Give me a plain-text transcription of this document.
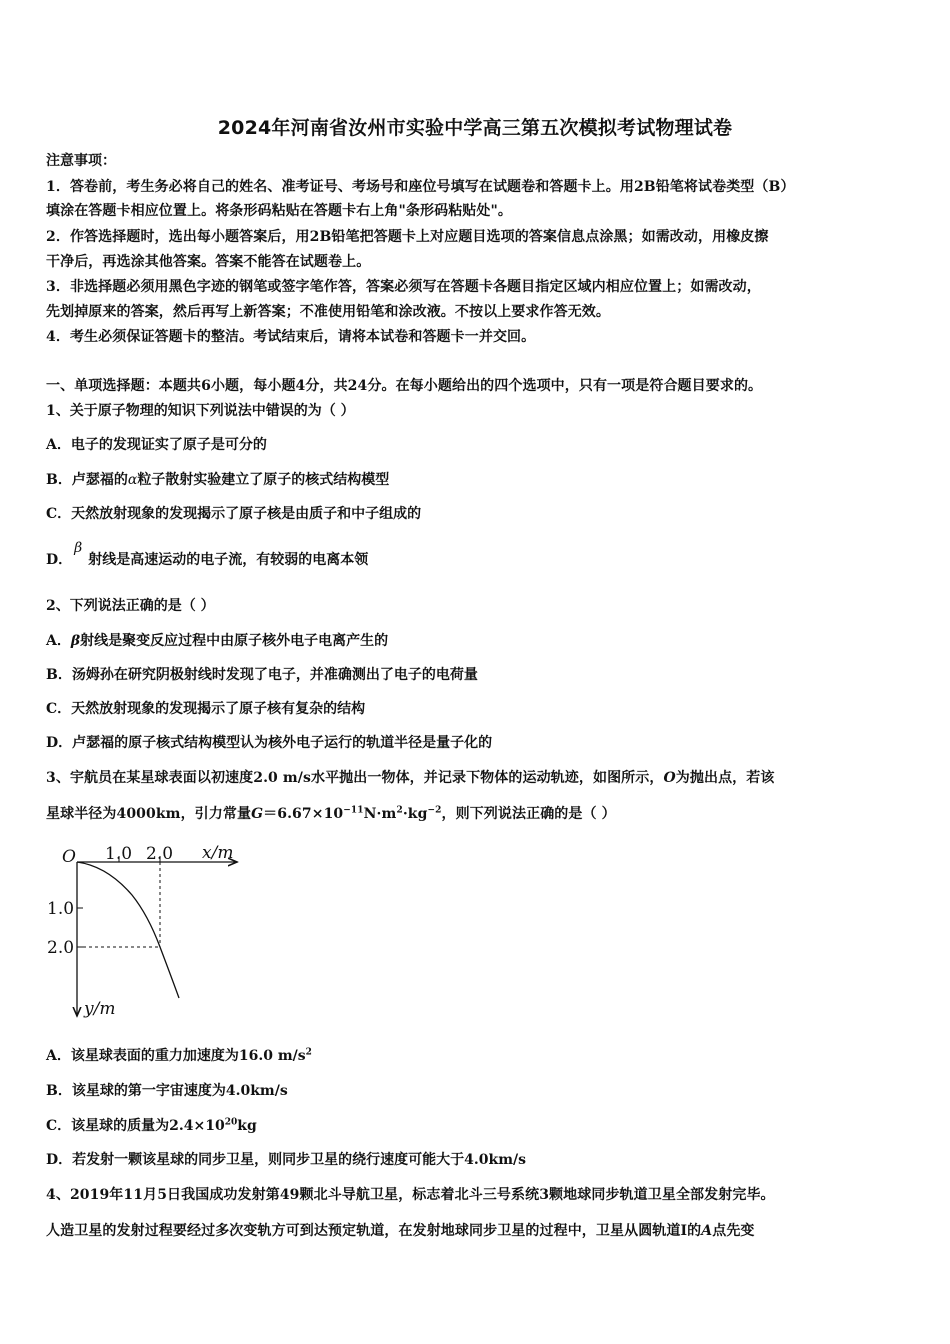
2024年河南省汝州市实验中学高三第五次模拟考试物理试卷
注意事项：
1．答卷前，考生务必将自己的姓名、准考证号、考场号和座位号填写在试题卷和答题卡上。用2B铅笔将试卷类型（B）
填涂在答题卡相应位置上。将条形码粘贴在答题卡右上角"条形码粘贴处"。
2．作答选择题时，选出每小题答案后，用2B铅笔把答题卡上对应题目选项的答案信息点涂黑；如需改动，用橡皮擦
干净后，再选涂其他答案。答案不能答在试题卷上。
3．非选择题必须用黑色字迹的钢笔或签字笔作答，答案必须写在答题卡各题目指定区域内相应位置上；如需改动，
先划掉原来的答案，然后再写上新答案；不准使用铅笔和涂改液。不按以上要求作答无效。
4．考生必须保证答题卡的整洁。考试结束后，请将本试卷和答题卡一并交回。
一、单项选择题：本题共6小题，每小题4分，共24分。在每小题给出的四个选项中，只有一项是符合题目要求的。
1、关于原子物理的知识下列说法中错误的为（ ）
A．电子的发现证实了原子是可分的
B．卢瑟福的α粒子散射实验建立了原子的核式结构模型
C．天然放射现象的发现揭示了原子核是由质子和中子组成的
D．β射线是高速运动的电子流，有较弱的电离本领
2、下列说法正确的是（ ）
A．β射线是聚变反应过程中由原子核外电子电离产生的
B．汤姆孙在研究阴极射线时发现了电子，并准确测出了电子的电荷量
C．天然放射现象的发现揭示了原子核有复杂的结构
D．卢瑟福的原子核式结构模型认为核外电子运行的轨道半径是量子化的
3、宇航员在某星球表面以初速度2.0 m/s水平抛出一物体，并记录下物体的运动轨迹，如图所示，O为抛出点，若该
星球半径为4000km，引力常量$G=6.67\times 10^{-11}N\cdot m^2\cdot kg^{-2}$，则下列说法正确的是（ ）
O 1.0 2.0 x/m
1.0
2.0
y/m
A．该星球表面的重力加速度为16.0 $m/s^2$
B．该星球的第一宇宙速度为4.0km/s
C．该星球的质量为$2.4\times 10^{20}kg$
D．若发射一颗该星球的同步卫星，则同步卫星的绕行速度可能大于4.0km/s
4、2019年11月5日我国成功发射第49颗北斗导航卫星，标志着北斗三号系统3颗地球同步轨道卫星全部发射完毕。
人造卫星的发射过程要经过多次变轨方可到达预定轨道，在发射地球同步卫星的过程中，卫星从圆轨道Ⅰ的A点先变
